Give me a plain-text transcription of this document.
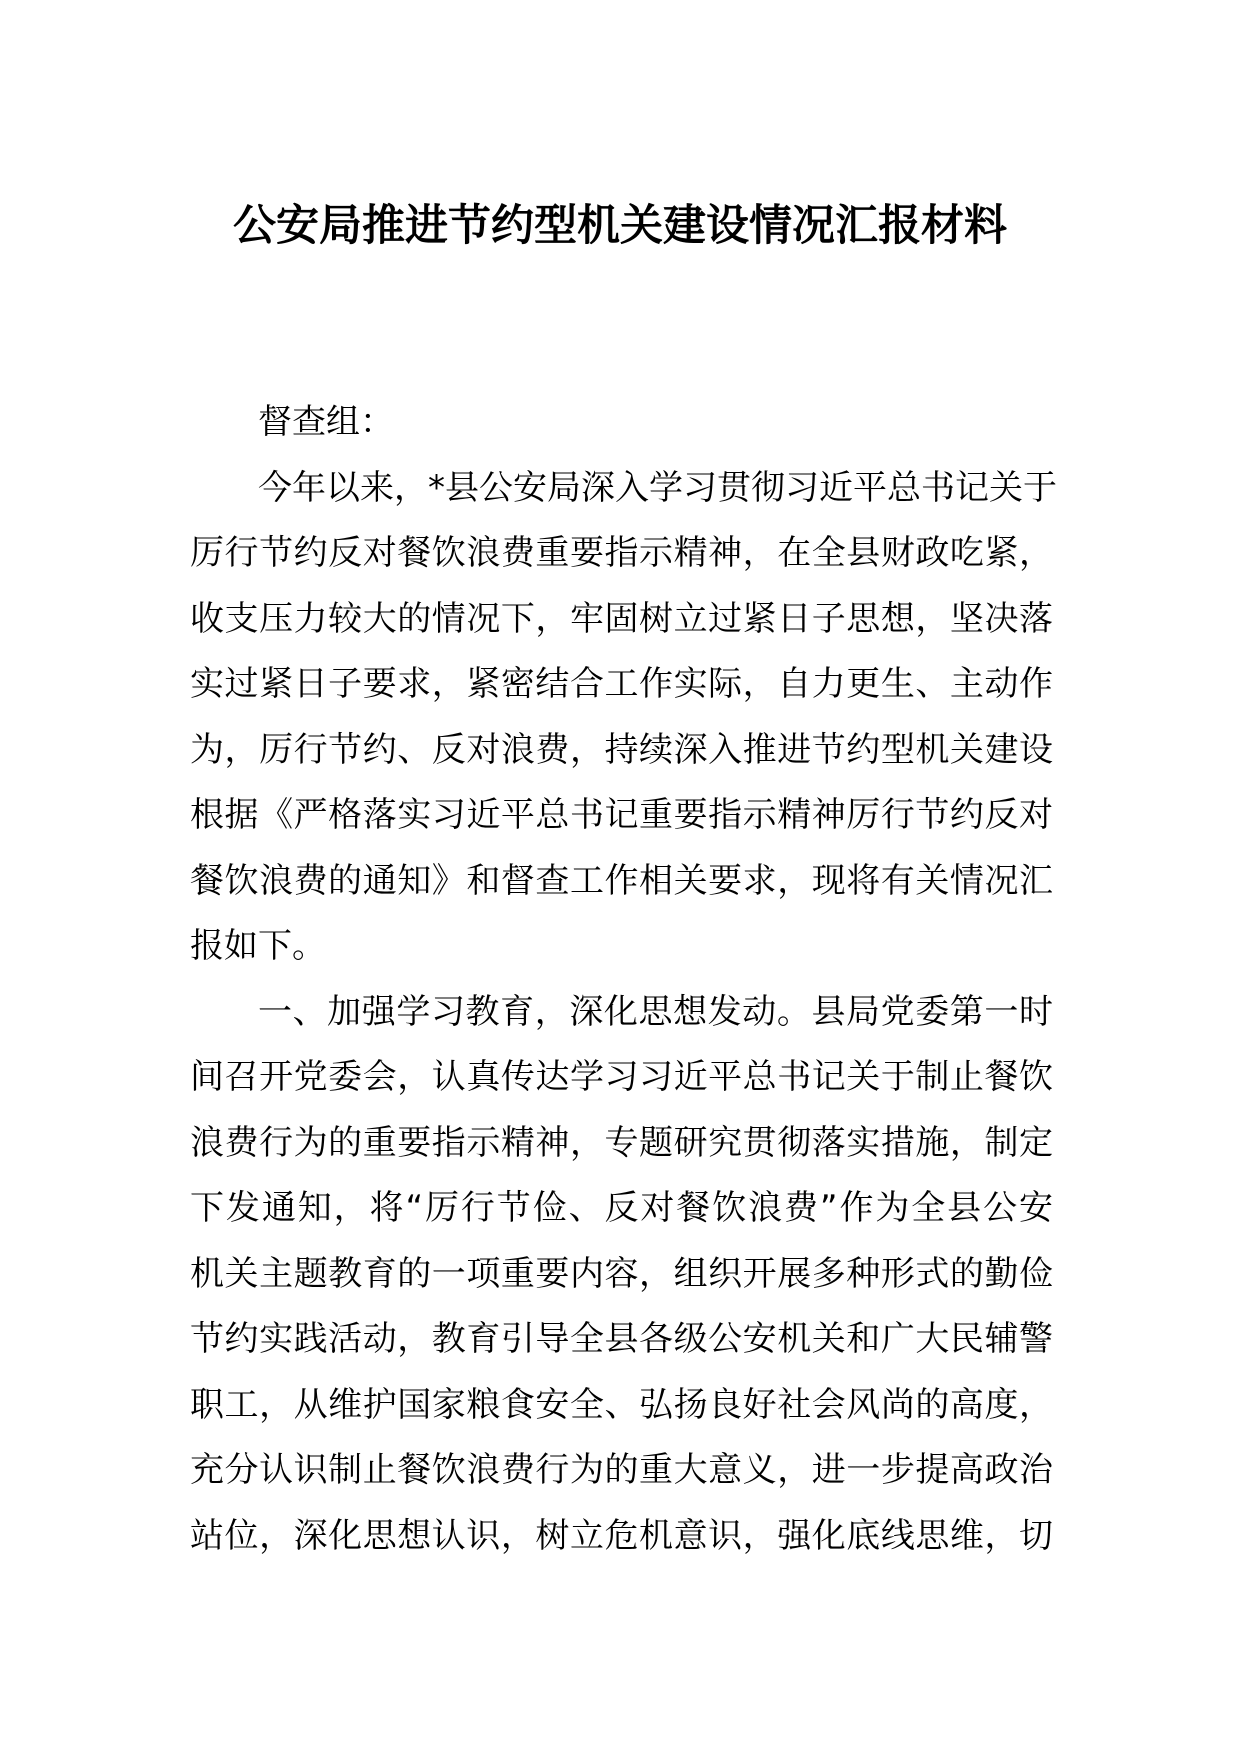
公安局推进节约型机关建设情况汇报材料
督查组：
今年以来，*县公安局深入学习贯彻习近平总书记关于
厉行节约反对餐饮浪费重要指示精神，在全县财政吃紧，
收支压力较大的情况下，牢固树立过紧日子思想，坚决落
实过紧日子要求，紧密结合工作实际，自力更生、主动作
为，厉行节约、反对浪费，持续深入推进节约型机关建设
根据《严格落实习近平总书记重要指示精神厉行节约反对
餐饮浪费的通知》和督查工作相关要求，现将有关情况汇
报如下。
一、加强学习教育，深化思想发动。县局党委第一时
间召开党委会，认真传达学习习近平总书记关于制止餐饮
浪费行为的重要指示精神，专题研究贯彻落实措施，制定
下发通知，将“厉行节俭、反对餐饮浪费”作为全县公安
机关主题教育的一项重要内容，组织开展多种形式的勤俭
节约实践活动，教育引导全县各级公安机关和广大民辅警
职工，从维护国家粮食安全、弘扬良好社会风尚的高度，
充分认识制止餐饮浪费行为的重大意义，进一步提高政治
站位，深化思想认识，树立危机意识，强化底线思维，切
